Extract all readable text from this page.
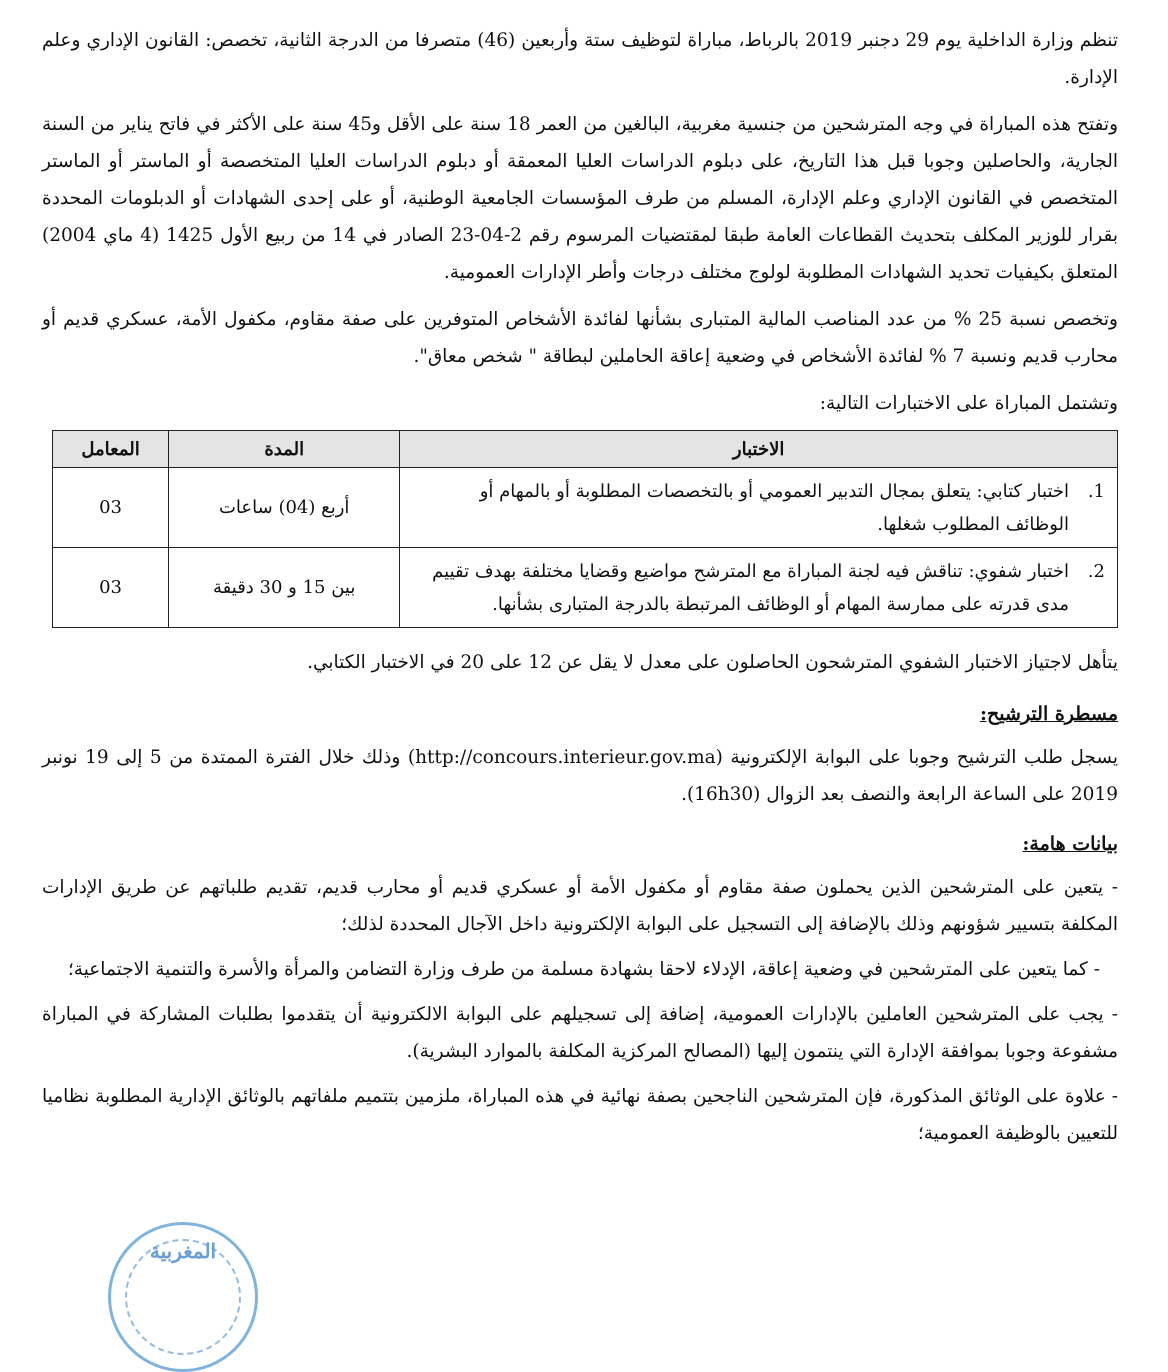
تنظم وزارة الداخلية يوم 29 دجنبر 2019 بالرباط، مباراة لتوظيف ستة وأربعين (46) متصرفا من الدرجة الثانية، تخصص: القانون الإداري وعلم الإدارة.

وتفتح هذه المباراة في وجه المترشحين من جنسية مغربية، البالغين من العمر 18 سنة على الأقل و45 سنة على الأكثر في فاتح يناير من السنة الجارية، والحاصلين وجوبا قبل هذا التاريخ، على دبلوم الدراسات العليا المعمقة أو دبلوم الدراسات العليا المتخصصة أو الماستر أو الماستر المتخصص في القانون الإداري وعلم الإدارة، المسلم من طرف المؤسسات الجامعية الوطنية، أو على إحدى الشهادات أو الدبلومات المحددة بقرار للوزير المكلف بتحديث القطاعات العامة طبقا لمقتضيات المرسوم رقم 2-04-23 الصادر في 14 من ربيع الأول 1425 (4 ماي 2004) المتعلق بكيفيات تحديد الشهادات المطلوبة لولوج مختلف درجات وأطر الإدارات العمومية.

وتخصص نسبة 25 % من عدد المناصب المالية المتبارى بشأنها لفائدة الأشخاص المتوفرين على صفة مقاوم، مكفول الأمة، عسكري قديم أو محارب قديم ونسبة 7 % لفائدة الأشخاص في وضعية إعاقة الحاملين لبطاقة " شخص معاق".

وتشتمل المباراة على الاختبارات التالية:

الاختبار	المدة	المعامل

1.
اختبار كتابي: يتعلق بمجال التدبير العمومي أو بالتخصصات المطلوبة أو بالمهام أو الوظائف المطلوب شغلها.	أربع (04) ساعات	03

2.
اختبار شفوي: تناقش فيه لجنة المباراة مع المترشح مواضيع وقضايا مختلفة بهدف تقييم مدى قدرته على ممارسة المهام أو الوظائف المرتبطة بالدرجة المتبارى بشأنها.	بين 15 و 30 دقيقة	03

يتأهل لاجتياز الاختبار الشفوي المترشحون الحاصلون على معدل لا يقل عن 12 على 20 في الاختبار الكتابي.

مسطرة الترشيح:

يسجل طلب الترشيح وجوبا على البوابة الإلكترونية (http://concours.interieur.gov.ma) وذلك خلال الفترة الممتدة من 5 إلى 19 نونبر 2019 على الساعة الرابعة والنصف بعد الزوال (16h30).

بيانات هامة:

- يتعين على المترشحين الذين يحملون صفة مقاوم أو مكفول الأمة أو عسكري قديم أو محارب قديم، تقديم طلباتهم عن طريق الإدارات المكلفة بتسيير شؤونهم وذلك بالإضافة إلى التسجيل على البوابة الإلكترونية داخل الآجال المحددة لذلك؛

- كما يتعين على المترشحين في وضعية إعاقة، الإدلاء لاحقا بشهادة مسلمة من طرف وزارة التضامن والمرأة والأسرة والتنمية الاجتماعية؛

- يجب على المترشحين العاملين بالإدارات العمومية، إضافة إلى تسجيلهم على البوابة الالكترونية أن يتقدموا بطلبات المشاركة في المباراة مشفوعة وجوبا بموافقة الإدارة التي ينتمون إليها (المصالح المركزية المكلفة بالموارد البشرية).

- علاوة على الوثائق المذكورة، فإن المترشحين الناجحين بصفة نهائية في هذه المباراة، ملزمين بتتميم ملفاتهم بالوثائق الإدارية المطلوبة نظاميا للتعيين بالوظيفة العمومية؛

المغربية
